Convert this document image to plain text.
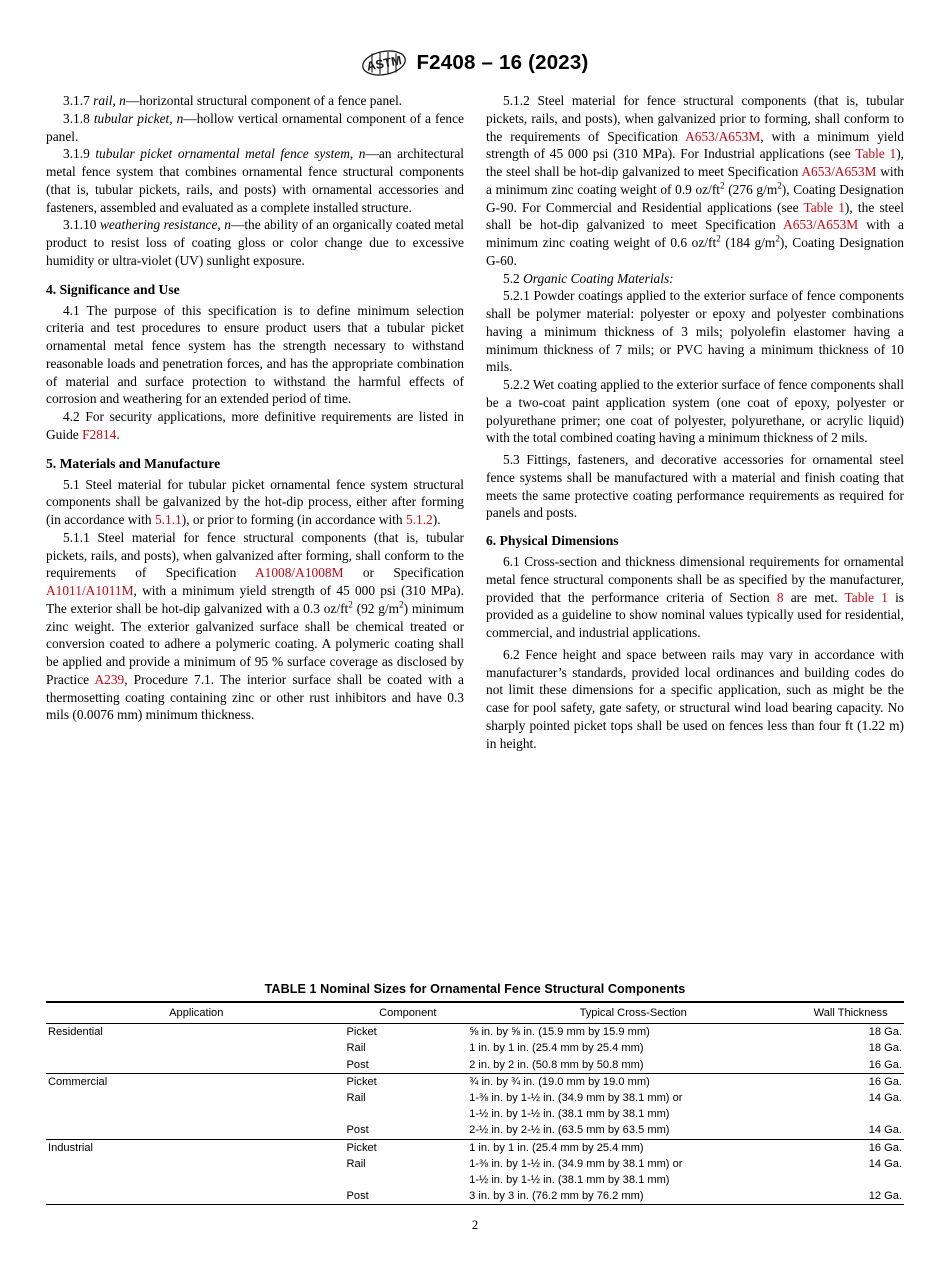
ASTM F2408 – 16 (2023)

3.1.7 rail, n—horizontal structural component of a fence panel.

3.1.8 tubular picket, n—hollow vertical ornamental component of a fence panel.

3.1.9 tubular picket ornamental metal fence system, n—an architectural metal fence system that combines ornamental fence structural components (that is, tubular pickets, rails, and posts) with ornamental accessories and fasteners, assembled and evaluated as a complete installed structure.

3.1.10 weathering resistance, n—the ability of an organically coated metal product to resist loss of coating gloss or color change due to excessive humidity or ultra-violet (UV) sunlight exposure.

4. Significance and Use

4.1 The purpose of this specification is to define minimum selection criteria and test procedures to ensure product users that a tubular picket ornamental metal fence system has the strength necessary to withstand reasonable loads and penetration forces, and has the appropriate combination of material and surface protection to withstand the harmful effects of corrosion and weathering for an extended period of time.

4.2 For security applications, more definitive requirements are listed in Guide F2814.

5. Materials and Manufacture

5.1 Steel material for tubular picket ornamental fence system structural components shall be galvanized by the hot-dip process, either after forming (in accordance with 5.1.1), or prior to forming (in accordance with 5.1.2).

5.1.1 Steel material for fence structural components (that is, tubular pickets, rails, and posts), when galvanized after forming, shall conform to the requirements of Specification A1008/A1008M or Specification A1011/A1011M, with a minimum yield strength of 45 000 psi (310 MPa). The exterior shall be hot-dip galvanized with a 0.3 $oz/ft^2$ (92 $g/m^2$) minimum zinc weight. The exterior galvanized surface shall be chemical treated or conversion coated to adhere a polymeric coating. A polymeric coating shall be applied and provide a minimum of 95 % surface coverage as disclosed by Practice A239, Procedure 7.1. The interior surface shall be coated with a thermosetting coating containing zinc or other rust inhibitors and have 0.3 mils (0.0076 mm) minimum thickness.

5.1.2 Steel material for fence structural components (that is, tubular pickets, rails, and posts), when galvanized prior to forming, shall conform to the requirements of Specification A653/A653M, with a minimum yield strength of 45 000 psi (310 MPa). For Industrial applications (see Table 1), the steel shall be hot-dip galvanized to meet Specification A653/A653M with a minimum zinc coating weight of 0.9 $oz/ft^2$ (276 $g/m^2$), Coating Designation G-90. For Commercial and Residential applications (see Table 1), the steel shall be hot-dip galvanized to meet Specification A653/A653M with a minimum zinc coating weight of 0.6 $oz/ft^2$ (184 $g/m^2$), Coating Designation G-60.

5.2 Organic Coating Materials:

5.2.1 Powder coatings applied to the exterior surface of fence components shall be polymer material: polyester or epoxy and polyester combinations having a minimum thickness of 3 mils; polyolefin elastomer having a minimum thickness of 7 mils; or PVC having a minimum thickness of 10 mils.

5.2.2 Wet coating applied to the exterior surface of fence components shall be a two-coat paint application system (one coat of epoxy, polyester or polyurethane primer; one coat of polyester, polyurethane, or acrylic liquid) with the total combined coating having a minimum thickness of 2 mils.

5.3 Fittings, fasteners, and decorative accessories for ornamental steel fence systems shall be manufactured with a material and finish coating that meets the same protective coating performance requirements as required for panels and posts.

6. Physical Dimensions

6.1 Cross-section and thickness dimensional requirements for ornamental metal fence structural components shall be as specified by the manufacturer, provided that the performance criteria of Section 8 are met. Table 1 is provided as a guideline to show nominal values typically used for residential, commercial, and industrial applications.

6.2 Fence height and space between rails may vary in accordance with manufacturer’s standards, provided local ordinances and building codes do not limit these dimensions for a specific application, such as might be the case for pool safety, gate safety, or structural wind load bearing capacity. No sharply pointed picket tops shall be used on fences less than four ft (1.22 m) in height.

TABLE 1 Nominal Sizes for Ornamental Fence Structural Components
Application	Component	Typical Cross-Section	Wall Thickness
Residential	Picket	⅝ in. by ⅝ in. (15.9 mm by 15.9 mm)	18 Ga.
	Rail	1 in. by 1 in. (25.4 mm by 25.4 mm)	18 Ga.
	Post	2 in. by 2 in. (50.8 mm by 50.8 mm)	16 Ga.
Commercial	Picket	¾ in. by ¾ in. (19.0 mm by 19.0 mm)	16 Ga.
	Rail	1-⅜ in. by 1-½ in. (34.9 mm by 38.1 mm) or	14 Ga.
		1-½ in. by 1-½ in. (38.1 mm by 38.1 mm)	
	Post	2-½ in. by 2-½ in. (63.5 mm by 63.5 mm)	14 Ga.
Industrial	Picket	1 in. by 1 in. (25.4 mm by 25.4 mm)	16 Ga.
	Rail	1-⅜ in. by 1-½ in. (34.9 mm by 38.1 mm) or	14 Ga.
		1-½ in. by 1-½ in. (38.1 mm by 38.1 mm)	
	Post	3 in. by 3 in. (76.2 mm by 76.2 mm)	12 Ga.
2
